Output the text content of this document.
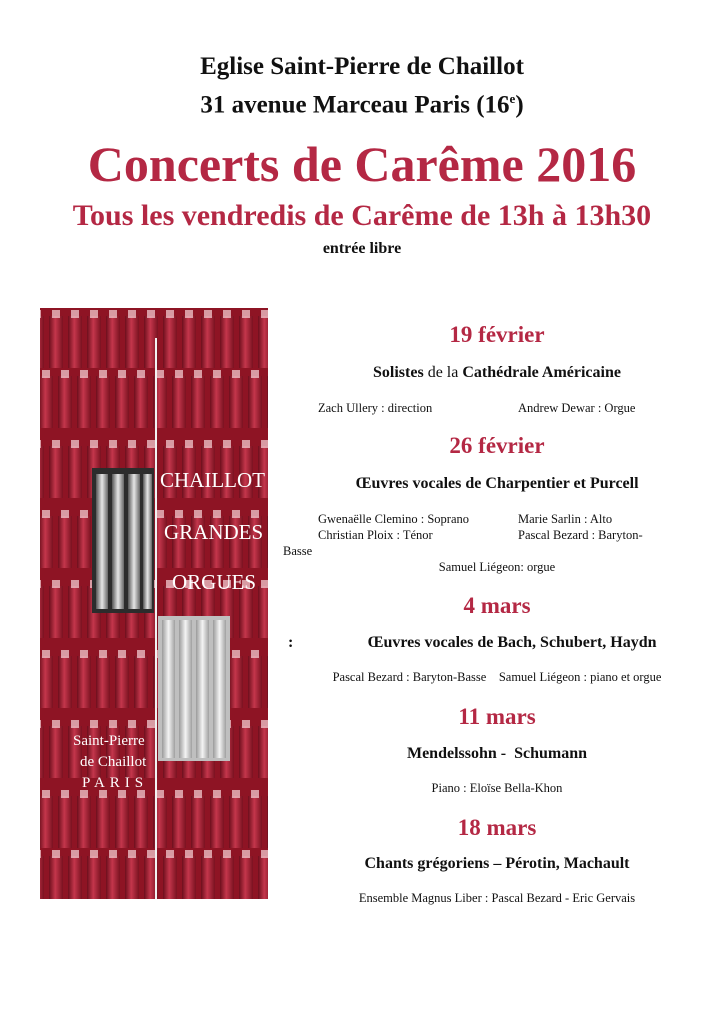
Eglise Saint-Pierre de Chaillot
31 avenue Marceau Paris (16e)
Concerts de Carême 2016
Tous les vendredis de Carême de 13h à 13h30
entrée libre
CHAILLOT
GRANDES
ORGUES
Saint-Pierre
de Chaillot
PARIS
19 février
Solistes de la Cathédrale Américaine
Zach Ullery : direction	Andrew Dewar : Orgue
26 février
Œuvres vocales de Charpentier et Purcell
Gwenaëlle Clemino : Soprano	Marie Sarlin : Alto
Christian Ploix : Ténor	Pascal Bezard : Baryton-
Basse
Samuel Liégeon: orgue
4 mars
:	Œuvres vocales de Bach, Schubert, Haydn
Pascal Bezard : Baryton-Basse    Samuel Liégeon : piano et orgue
11 mars
Mendelssohn -  Schumann
Piano : Eloïse Bella-Khon
18 mars
Chants grégoriens – Pérotin, Machault
Ensemble Magnus Liber : Pascal Bezard - Eric Gervais
